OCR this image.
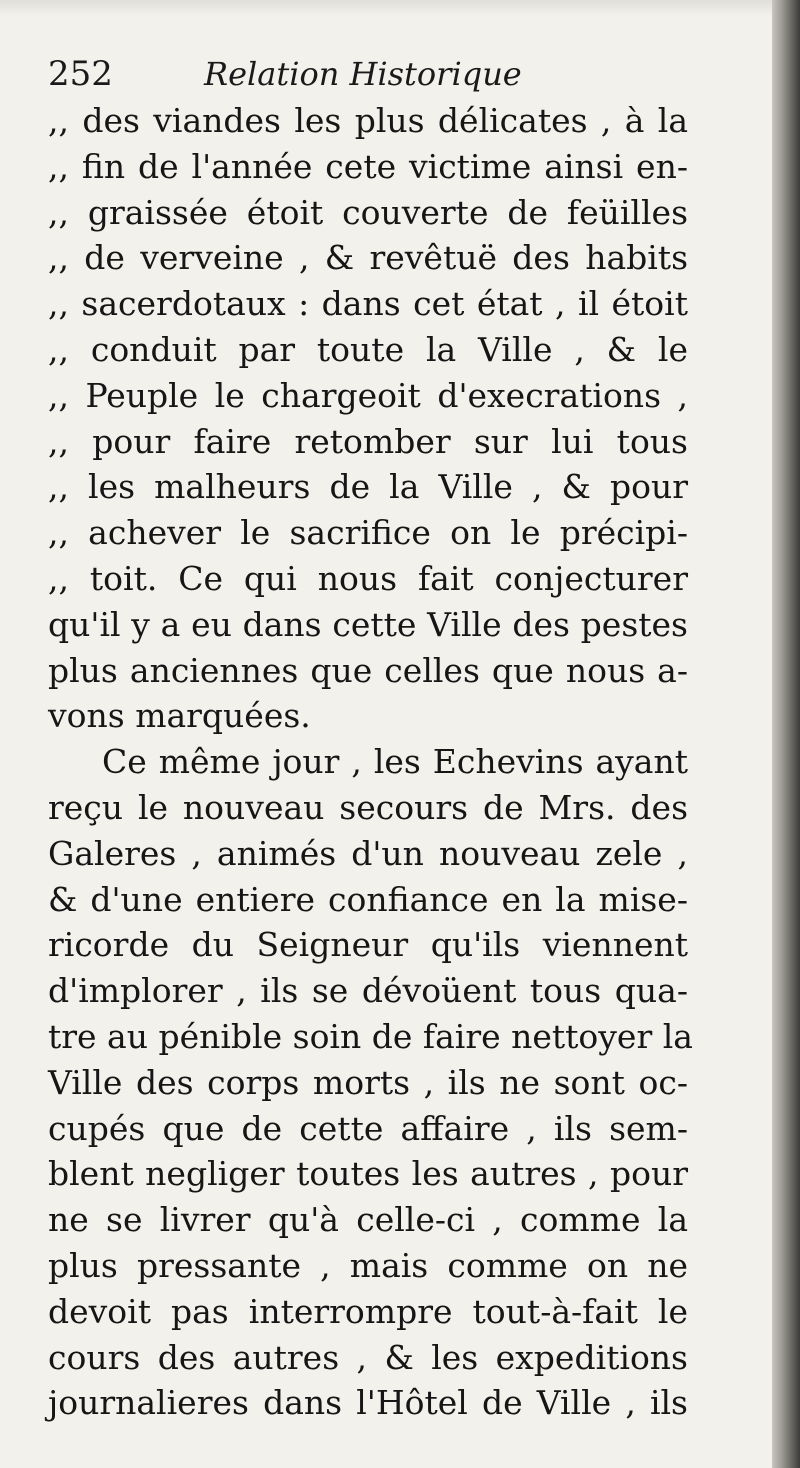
252	Relation Historique
,, des viandes les plus délicates , à la
,, fin de l'année cete victime ainsi en-
,, graissée étoit couverte de feüilles
,, de verveine , & revêtuë des habits
,, sacerdotaux : dans cet état , il étoit
,, conduit par toute la Ville , & le
,, Peuple le chargeoit d'execrations ,
,, pour faire retomber sur lui tous
,, les malheurs de la Ville , & pour
,, achever le sacrifice on le précipi-
,, toit. Ce qui nous fait conjecturer
qu'il y a eu dans cette Ville des pestes
plus anciennes que celles que nous a-
vons marquées.
Ce même jour , les Echevins ayant
reçu le nouveau secours de Mrs. des
Galeres , animés d'un nouveau zele ,
& d'une entiere confiance en la mise-
ricorde du Seigneur qu'ils viennent
d'implorer , ils se dévoüent tous qua-
tre au pénible soin de faire nettoyer la
Ville des corps morts , ils ne sont oc-
cupés que de cette affaire , ils sem-
blent negliger toutes les autres , pour
ne se livrer qu'à celle-ci , comme la
plus pressante , mais comme on ne
devoit pas interrompre tout-à-fait le
cours des autres , & les expeditions
journalieres dans l'Hôtel de Ville , ils
